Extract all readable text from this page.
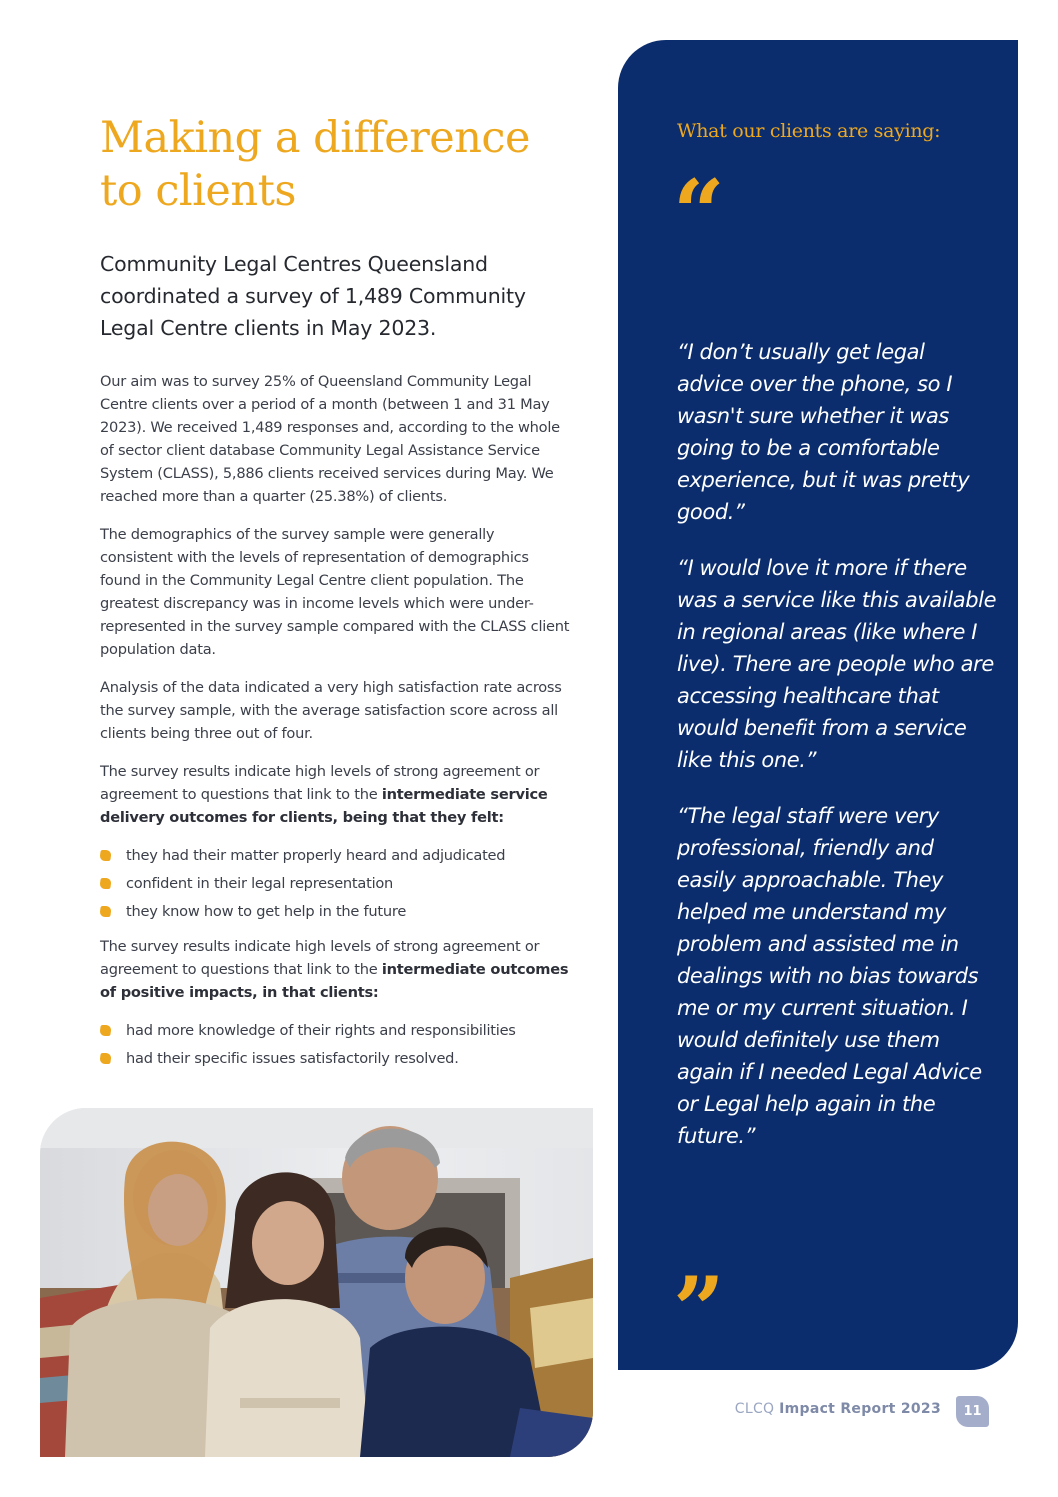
Making a difference
to clients

Community Legal Centres Queensland coordinated a survey of 1,489 Community Legal Centre clients in May 2023.

Our aim was to survey 25% of Queensland Community Legal Centre clients over a period of a month (between 1 and 31 May 2023). We received 1,489 responses and, according to the whole of sector client database Community Legal Assistance Service System (CLASS), 5,886 clients received services during May. We reached more than a quarter (25.38%) of clients.

The demographics of the survey sample were generally consistent with the levels of representation of demographics found in the Community Legal Centre client population. The greatest discrepancy was in income levels which were under-represented in the survey sample compared with the CLASS client population data.

Analysis of the data indicated a very high satisfaction rate across the survey sample, with the average satisfaction score across all clients being three out of four.

The survey results indicate high levels of strong agreement or agreement to questions that link to the intermediate service delivery outcomes for clients, being that they felt:

they had their matter properly heard and adjudicated
confident in their legal representation
they know how to get help in the future

The survey results indicate high levels of strong agreement or agreement to questions that link to the intermediate outcomes of positive impacts, in that clients:

had more knowledge of their rights and responsibilities
had their specific issues satisfactorily resolved.
What our clients are saying:
“

“I don’t usually get legal advice over the phone, so I wasn't sure whether it was going to be a comfortable experience, but it was pretty good.”

“I would love it more if there was a service like this available in regional areas (like where I live). There are people who are accessing healthcare that would benefit from a service like this one.”

“The legal staff were very professional, friendly and easily approachable. They helped me understand my problem and assisted me in dealings with no bias towards me or my current situation. I would definitely use them again if I needed Legal Advice or Legal help again in the future.”

”
CLCQ Impact Report 2023	11
